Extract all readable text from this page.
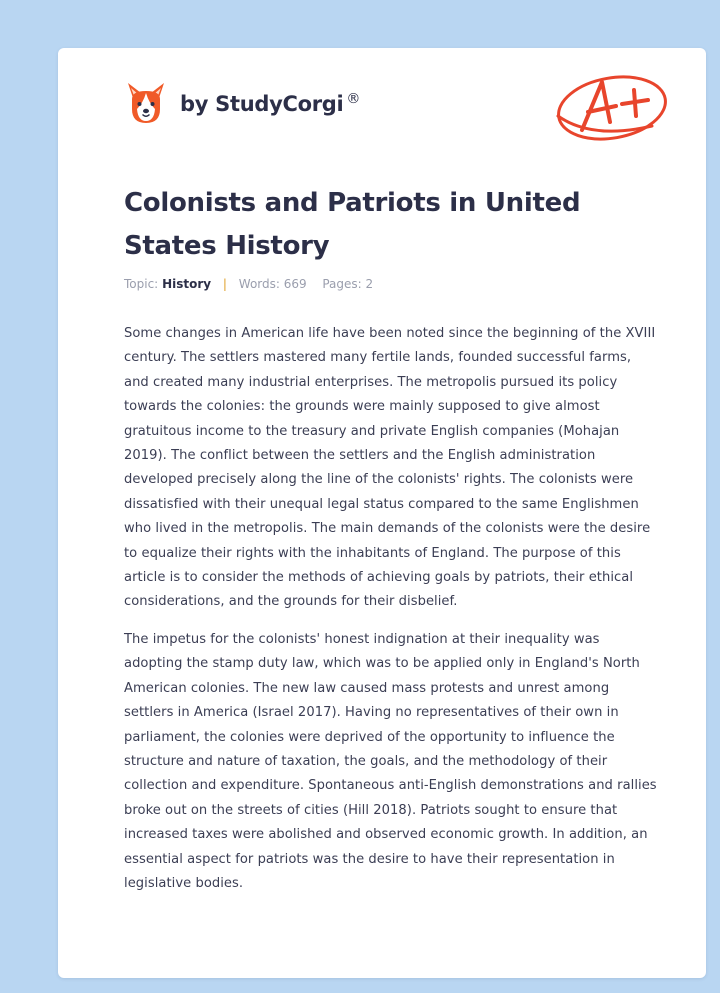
by StudyCorgi ®
Colonists and Patriots in United States History
Topic: History | Words: 669 Pages: 2

Some changes in American life have been noted since the beginning of the XVIII century. The settlers mastered many fertile lands, founded successful farms, and created many industrial enterprises. The metropolis pursued its policy towards the colonies: the grounds were mainly supposed to give almost gratuitous income to the treasury and private English companies (Mohajan 2019). The conflict between the settlers and the English administration developed precisely along the line of the colonists' rights. The colonists were dissatisfied with their unequal legal status compared to the same Englishmen who lived in the metropolis. The main demands of the colonists were the desire to equalize their rights with the inhabitants of England. The purpose of this article is to consider the methods of achieving goals by patriots, their ethical considerations, and the grounds for their disbelief.

The impetus for the colonists' honest indignation at their inequality was adopting the stamp duty law, which was to be applied only in England's North American colonies. The new law caused mass protests and unrest among settlers in America (Israel 2017). Having no representatives of their own in parliament, the colonies were deprived of the opportunity to influence the structure and nature of taxation, the goals, and the methodology of their collection and expenditure. Spontaneous anti-English demonstrations and rallies broke out on the streets of cities (Hill 2018). Patriots sought to ensure that increased taxes were abolished and observed economic growth. In addition, an essential aspect for patriots was the desire to have their representation in legislative bodies.
